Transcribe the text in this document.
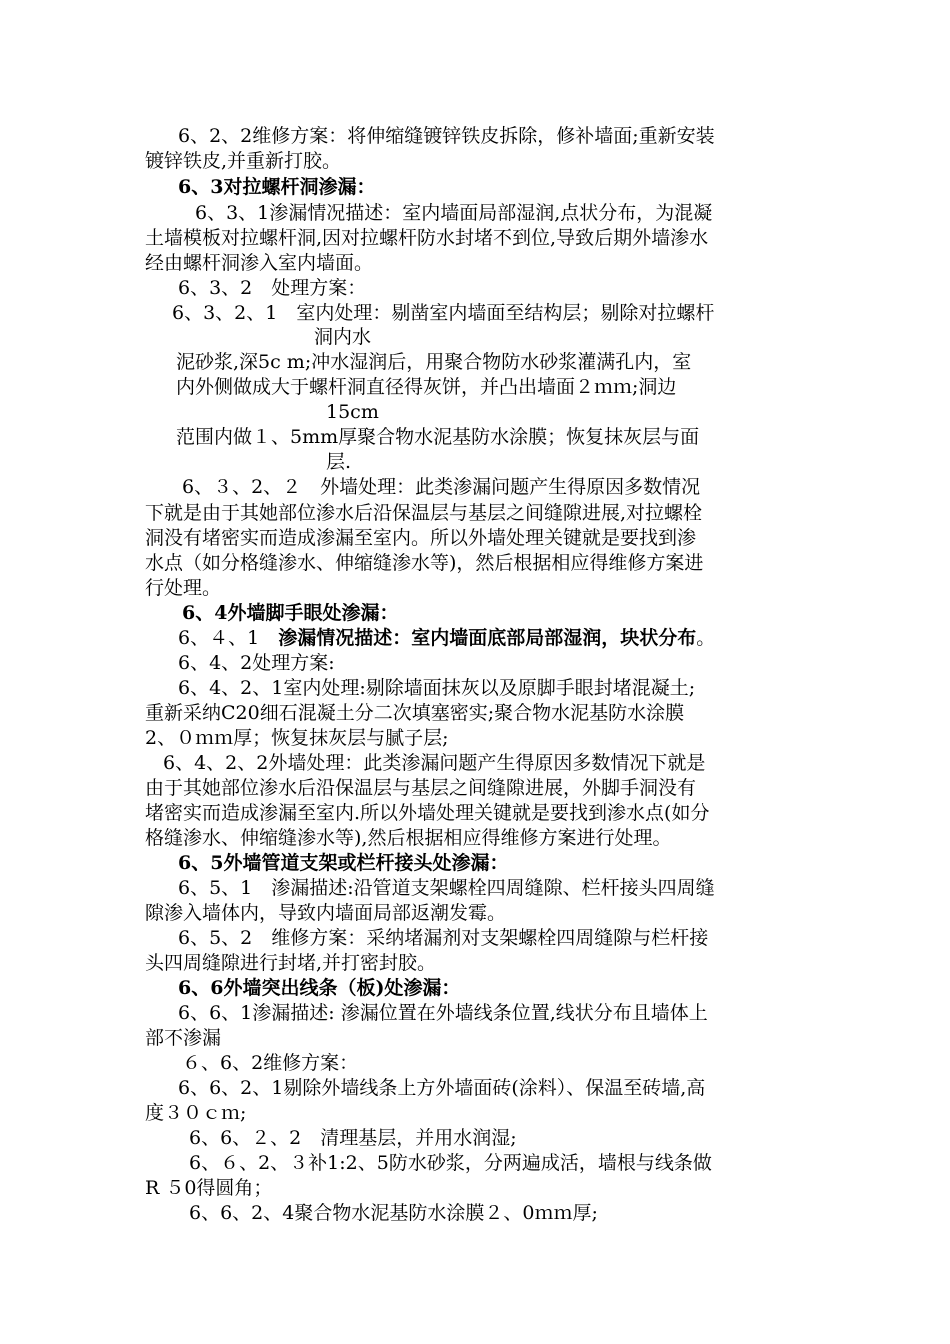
6、2、2维修方案：将伸缩缝镀锌铁皮拆除，修补墙面;重新安装
镀锌铁皮,并重新打胶。
6、3对拉螺杆洞渗漏：
6、3、1渗漏情况描述：室内墙面局部湿润,点状分布，为混凝
土墙模板对拉螺杆洞,因对拉螺杆防水封堵不到位,导致后期外墙渗水
经由螺杆洞渗入室内墙面。
6、3、2　处理方案：
6、3、2、1　室内处理：剔凿室内墙面至结构层；剔除对拉螺杆
洞内水
泥砂浆,深5c m;冲水湿润后，用聚合物防水砂浆灌满孔内，室
内外侧做成大于螺杆洞直径得灰饼，并凸出墙面２ｍｍ;洞边
15cm
范围内做１、5mm厚聚合物水泥基防水涂膜；恢复抹灰层与面
层.
6、３、2、２　外墙处理：此类渗漏问题产生得原因多数情况
下就是由于其她部位渗水后沿保温层与基层之间缝隙进展,对拉螺栓
洞没有堵密实而造成渗漏至室内。所以外墙处理关键就是要找到渗
水点（如分格缝渗水、伸缩缝渗水等)，然后根据相应得维修方案进
行处理。
6、4外墙脚手眼处渗漏：
6、４、1　渗漏情况描述：室内墙面底部局部湿润，块状分布。
6、4、2处理方案:
6、4、2、1室内处理:剔除墙面抹灰以及原脚手眼封堵混凝土;
重新采纳C20细石混凝土分二次填塞密实;聚合物水泥基防水涂膜
2、０ｍｍ厚；恢复抹灰层与腻子层;
6、4、2、2外墙处理：此类渗漏问题产生得原因多数情况下就是
由于其她部位渗水后沿保温层与基层之间缝隙进展，外脚手洞没有
堵密实而造成渗漏至室内.所以外墙处理关键就是要找到渗水点(如分
格缝渗水、伸缩缝渗水等),然后根据相应得维修方案进行处理。
6、5外墙管道支架或栏杆接头处渗漏：
6、5、1　渗漏描述:沿管道支架螺栓四周缝隙、栏杆接头四周缝
隙渗入墙体内，导致内墙面局部返潮发霉。
6、5、2　维修方案：采纳堵漏剂对支架螺栓四周缝隙与栏杆接
头四周缝隙进行封堵,并打密封胶。
6、6外墙突出线条（板)处渗漏：
6、6、1渗漏描述: 渗漏位置在外墙线条位置,线状分布且墙体上
部不渗漏
６、6、2维修方案：
6、6、2、1剔除外墙线条上方外墙面砖(涂料）、保温至砖墙,高
度３０ｃｍ;
6、6、２、2　清理基层，并用水润湿;
6、６、2、３补1:2、5防水砂浆，分两遍成活，墙根与线条做
R ５0得圆角；
6、6、2、4聚合物水泥基防水涂膜２、0ｍｍ厚;
